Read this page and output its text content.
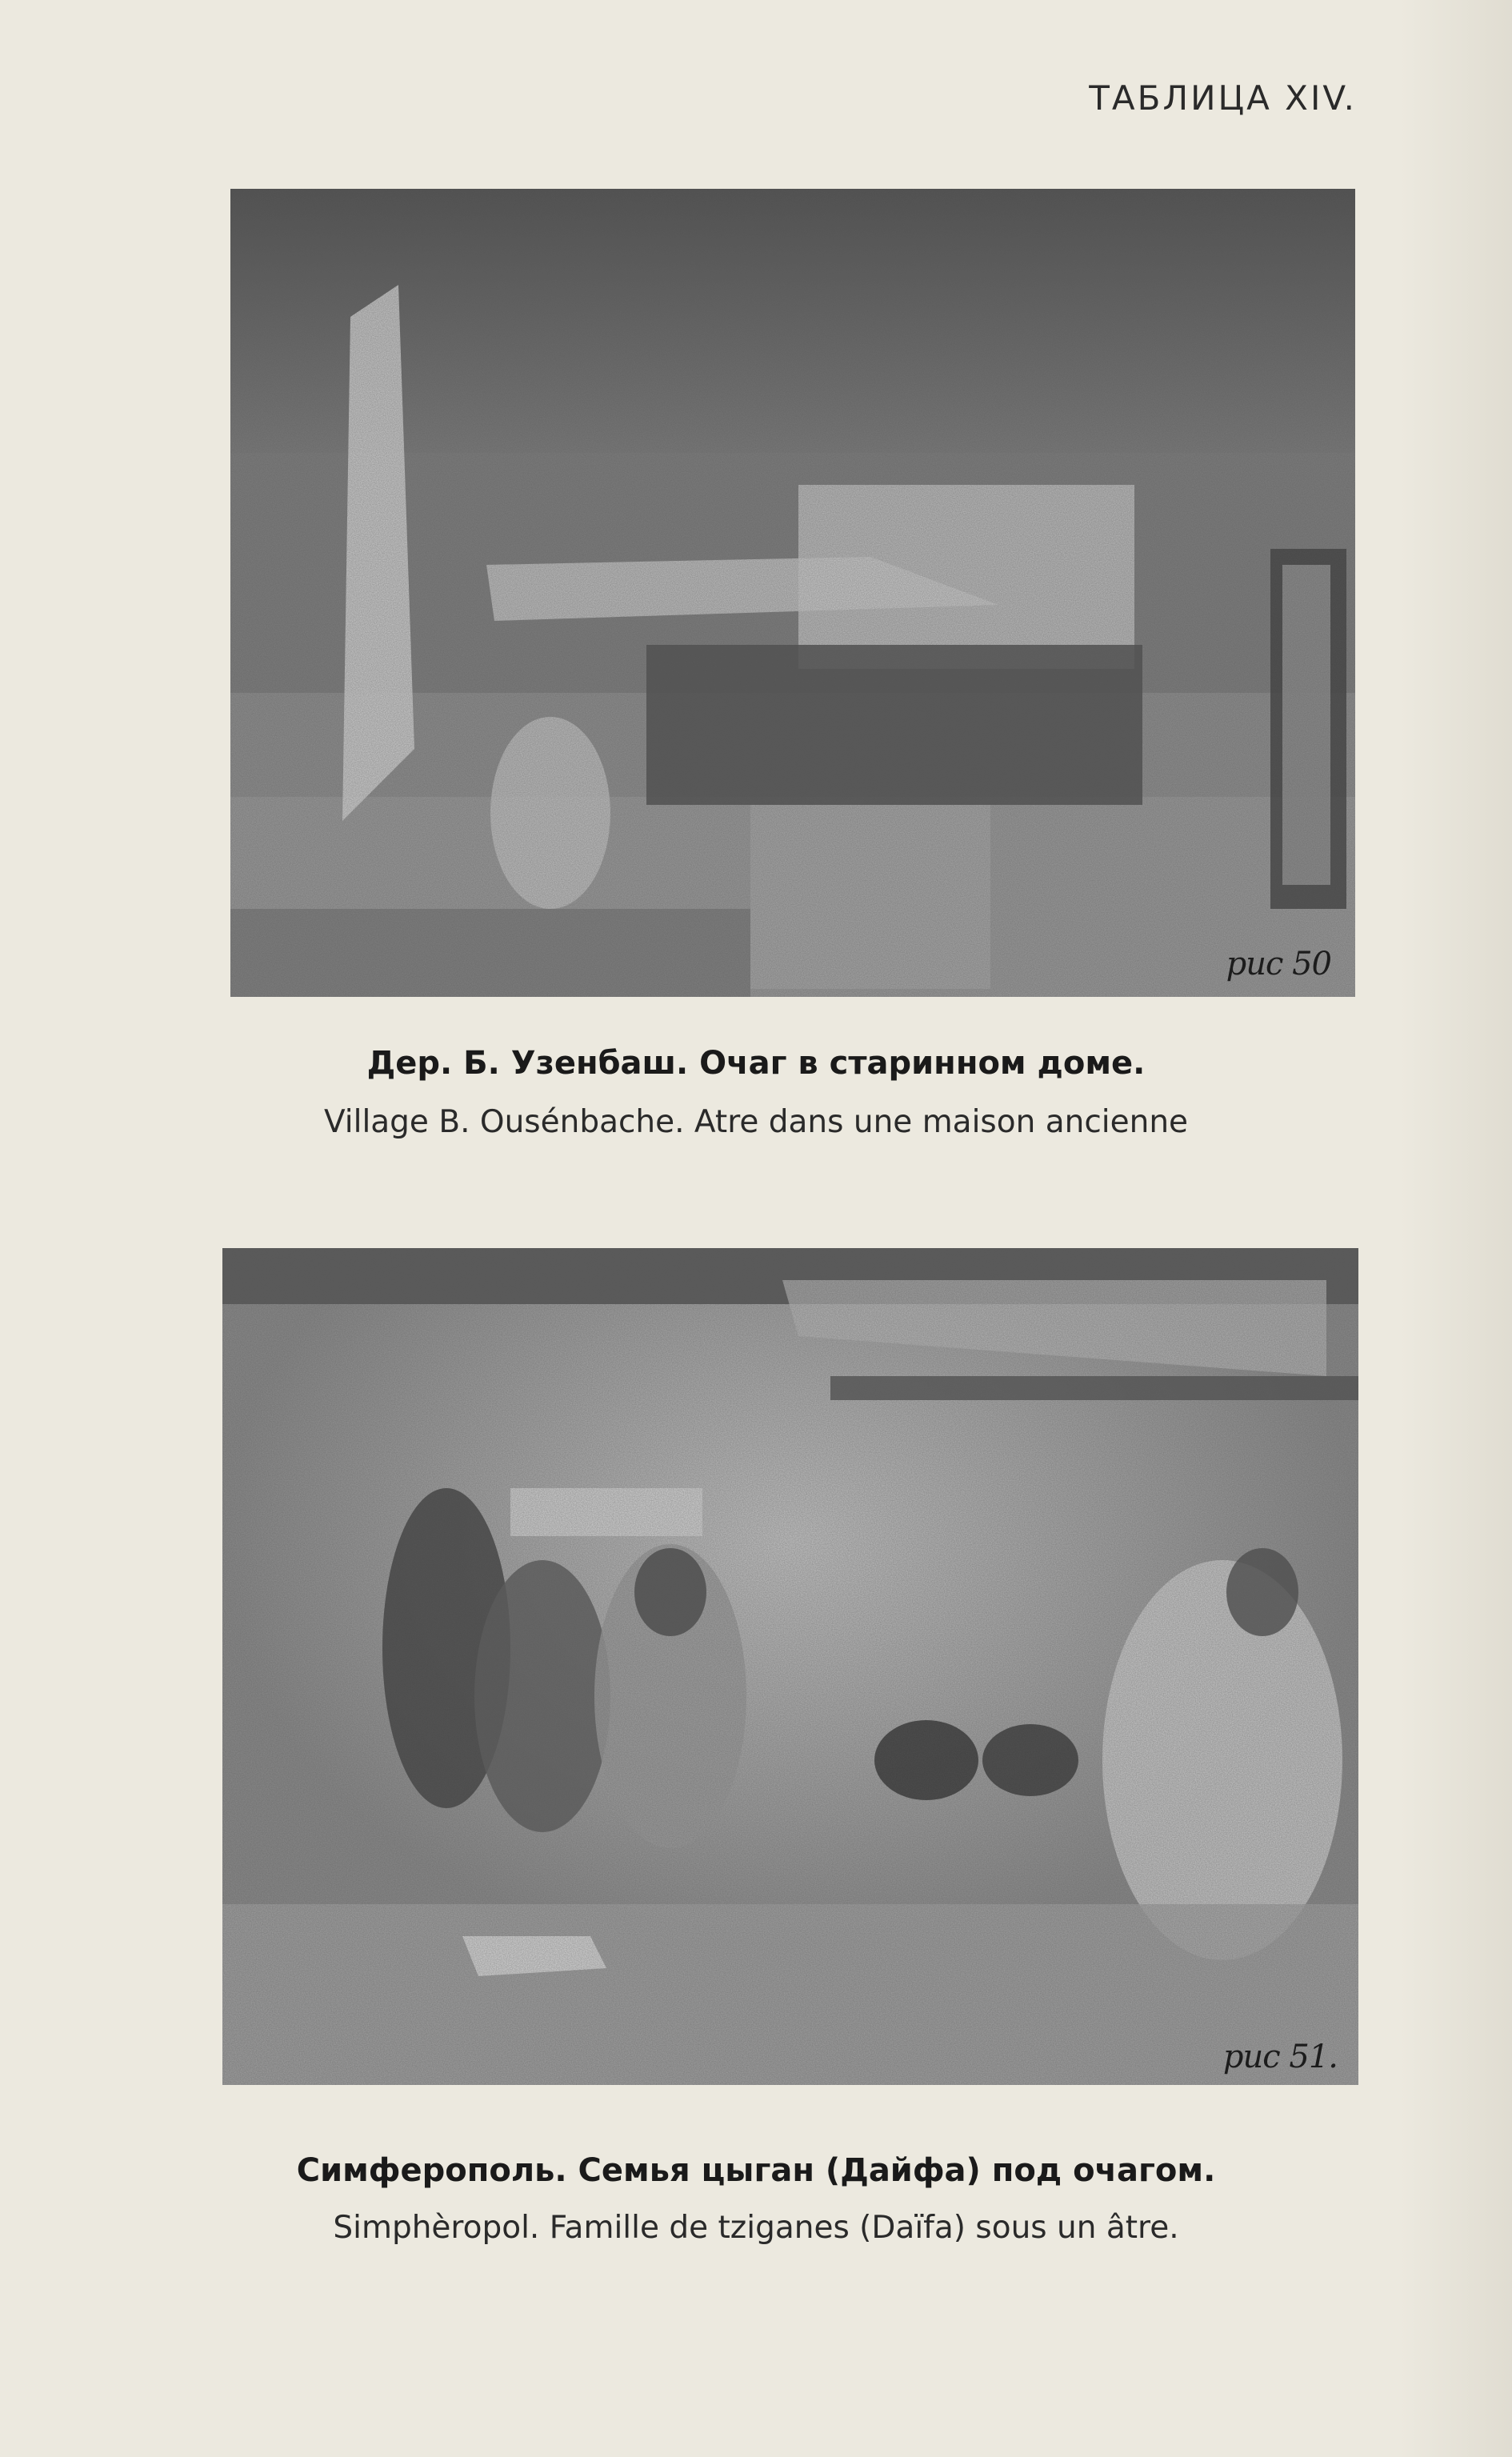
ТАБЛИЦА XIV.
рис 50
Дер. Б. Узенбаш. Очаг в старинном доме.
Village B. Ousénbache. Atre dans une maison ancienne
рис 51.
Симферополь. Семья цыган (Дайфа) под очагом.
Simphèropol. Famille de tziganes (Daïfa) sous un âtre.
